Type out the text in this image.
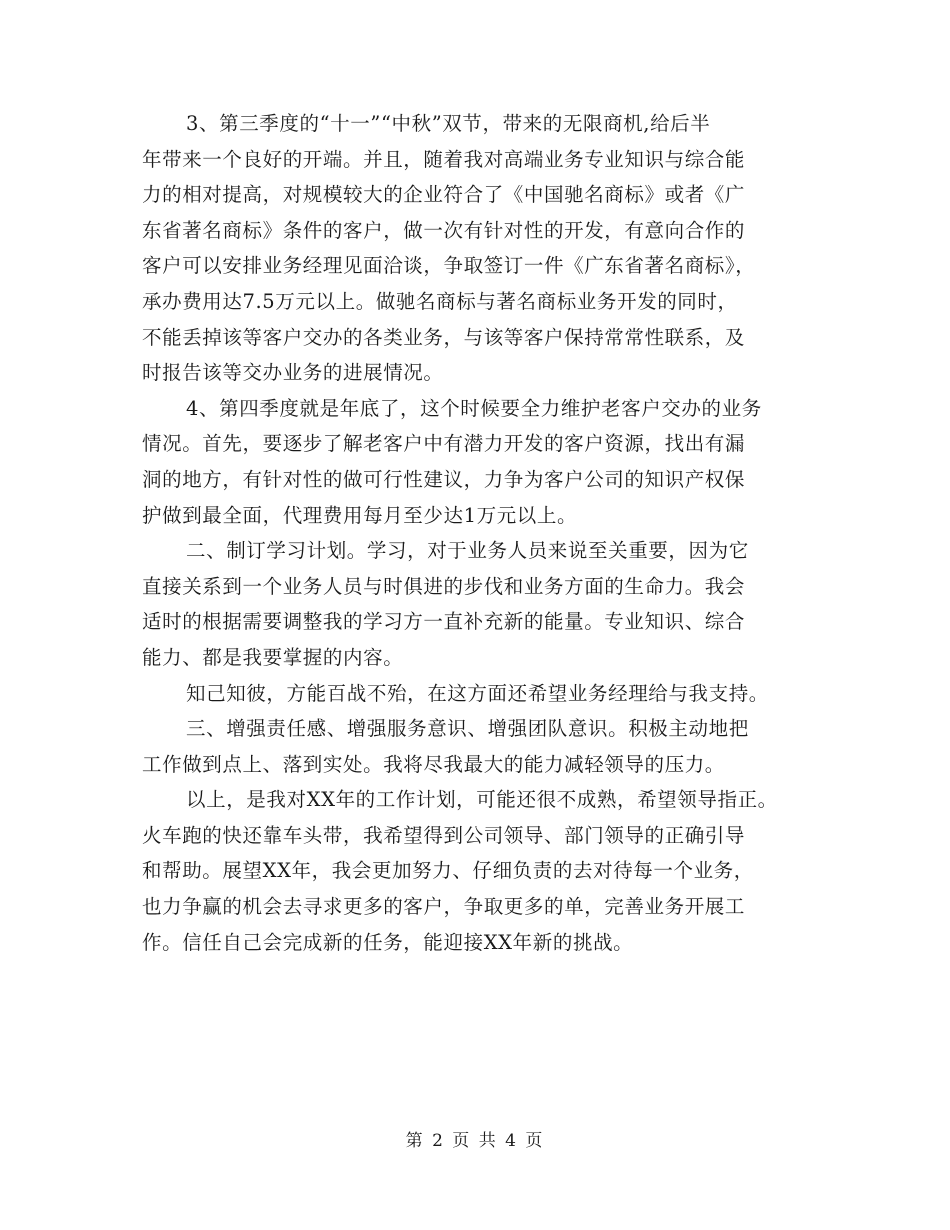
3、第三季度的“十一”“中秋”双节，带来的无限商机,给后半
年带来一个良好的开端。并且，随着我对高端业务专业知识与综合能
力的相对提高，对规模较大的企业符合了《中国驰名商标》或者《广
东省著名商标》条件的客户，做一次有针对性的开发，有意向合作的
客户可以安排业务经理见面洽谈，争取签订一件《广东省著名商标》，
承办费用达7.5万元以上。做驰名商标与著名商标业务开发的同时，
不能丢掉该等客户交办的各类业务，与该等客户保持常常性联系，及
时报告该等交办业务的进展情况。
4、第四季度就是年底了，这个时候要全力维护老客户交办的业务
情况。首先，要逐步了解老客户中有潜力开发的客户资源，找出有漏
洞的地方，有针对性的做可行性建议，力争为客户公司的知识产权保
护做到最全面，代理费用每月至少达1万元以上。
二、制订学习计划。学习，对于业务人员来说至关重要，因为它
直接关系到一个业务人员与时俱进的步伐和业务方面的生命力。我会
适时的根据需要调整我的学习方一直补充新的能量。专业知识、综合
能力、都是我要掌握的内容。
知己知彼，方能百战不殆，在这方面还希望业务经理给与我支持。
三、增强责任感、增强服务意识、增强团队意识。积极主动地把
工作做到点上、落到实处。我将尽我最大的能力减轻领导的压力。
以上，是我对XX年的工作计划，可能还很不成熟，希望领导指正。
火车跑的快还靠车头带，我希望得到公司领导、部门领导的正确引导
和帮助。展望XX年，我会更加努力、仔细负责的去对待每一个业务，
也力争赢的机会去寻求更多的客户，争取更多的单，完善业务开展工
作。信任自己会完成新的任务，能迎接XX年新的挑战。
第 2 页 共 4 页
